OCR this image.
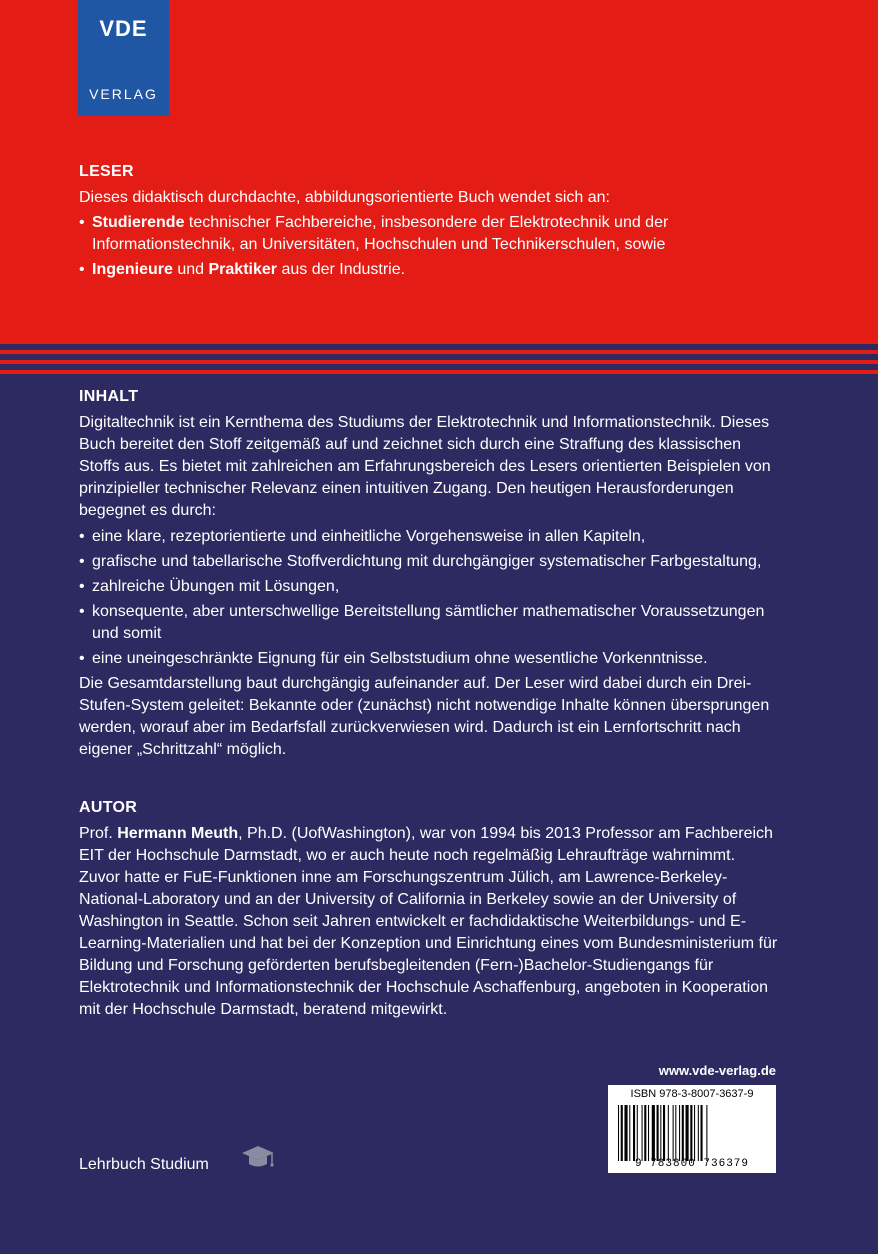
VDE
VERLAG
LESER

Dieses didaktisch durchdachte, abbildungsorientierte Buch wendet sich an:

• Studierende technischer Fachbereiche, insbesondere der Elektrotechnik und der Informationstechnik, an Universitäten, Hochschulen und Technikerschulen, sowie
• Ingenieure und Praktiker aus der Industrie.
INHALT

Digitaltechnik ist ein Kernthema des Studiums der Elektrotechnik und Informationstechnik. Dieses Buch bereitet den Stoff zeitgemäß auf und zeichnet sich durch eine Straffung des klassischen Stoffs aus. Es bietet mit zahlreichen am Erfahrungsbereich des Lesers orientierten Beispielen von prinzipieller technischer Relevanz einen intuitiven Zugang. Den heutigen Herausforderungen begegnet es durch:

• eine klare, rezeptorientierte und einheitliche Vorgehensweise in allen Kapiteln,
• grafische und tabellarische Stoffverdichtung mit durchgängiger systematischer Farbgestaltung,
• zahlreiche Übungen mit Lösungen,
• konsequente, aber unterschwellige Bereitstellung sämtlicher mathematischer Voraussetzungen und somit
• eine uneingeschränkte Eignung für ein Selbststudium ohne wesentliche Vorkenntnisse.

Die Gesamtdarstellung baut durchgängig aufeinander auf. Der Leser wird dabei durch ein Drei-Stufen-System geleitet: Bekannte oder (zunächst) nicht notwendige Inhalte können übersprungen werden, worauf aber im Bedarfsfall zurückverwiesen wird. Dadurch ist ein Lernfortschritt nach eigener „Schrittzahl“ möglich.

AUTOR

Prof. Hermann Meuth, Ph.D. (UofWashington), war von 1994 bis 2013 Professor am Fachbereich EIT der Hochschule Darmstadt, wo er auch heute noch regelmäßig Lehraufträge wahrnimmt. Zuvor hatte er FuE-Funktionen inne am Forschungszentrum Jülich, am Lawrence-Berkeley-National-Laboratory und an der University of California in Berkeley sowie an der University of Washington in Seattle. Schon seit Jahren entwickelt er fachdidaktische Weiterbildungs- und E-Learning-Materialien und hat bei der Konzeption und Einrichtung eines vom Bundesministerium für Bildung und Forschung geförderten berufsbegleitenden (Fern-)Bachelor-Studiengangs für Elektrotechnik und Informationstechnik der Hochschule Aschaffenburg, angeboten in Kooperation mit der Hochschule Darmstadt, beratend mitgewirkt.

Lehrbuch Studium
www.vde-verlag.de
ISBN 978-3-8007-3637-9
9 783800 736379
